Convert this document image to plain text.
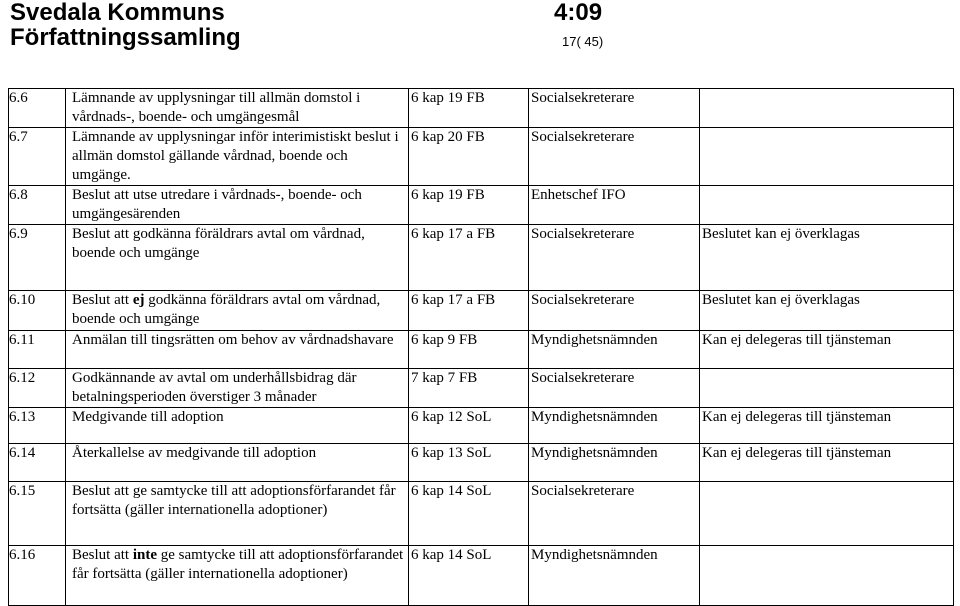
Svedala Kommuns	4:09
Författningssamling	17( 45)
6.6	Lämnande av upplysningar till allmän domstol i vårdnads-, boende- och umgängesmål	6 kap 19 FB	Socialsekreterare	
6.7	Lämnande av upplysningar inför interimistiskt beslut i allmän domstol gällande vårdnad, boende och umgänge.	6 kap 20 FB	Socialsekreterare	
6.8	Beslut att utse utredare i vårdnads-, boende- och umgängesärenden	6 kap 19 FB	Enhetschef IFO	
6.9	Beslut att godkänna föräldrars avtal om vårdnad, boende och umgänge	6 kap 17 a FB	Socialsekreterare	Beslutet kan ej överklagas
6.10	Beslut att ej godkänna föräldrars avtal om vårdnad, boende och umgänge	6 kap 17 a FB	Socialsekreterare	Beslutet kan ej överklagas
6.11	Anmälan till tingsrätten om behov av vårdnadshavare	6 kap 9 FB	Myndighetsnämnden	Kan ej delegeras till tjänsteman
6.12	Godkännande av avtal om underhållsbidrag där betalningsperioden överstiger 3 månader	7 kap 7 FB	Socialsekreterare	
6.13	Medgivande till adoption	6 kap 12 SoL	Myndighetsnämnden	Kan ej delegeras till tjänsteman
6.14	Återkallelse av medgivande till adoption	6 kap 13 SoL	Myndighetsnämnden	Kan ej delegeras till tjänsteman
6.15	Beslut att ge samtycke till att adoptionsförfarandet får fortsätta (gäller internationella adoptioner)	6 kap 14 SoL	Socialsekreterare	
6.16	Beslut att inte ge samtycke till att adoptionsförfarandet får fortsätta (gäller internationella adoptioner)	6 kap 14 SoL	Myndighetsnämnden	
